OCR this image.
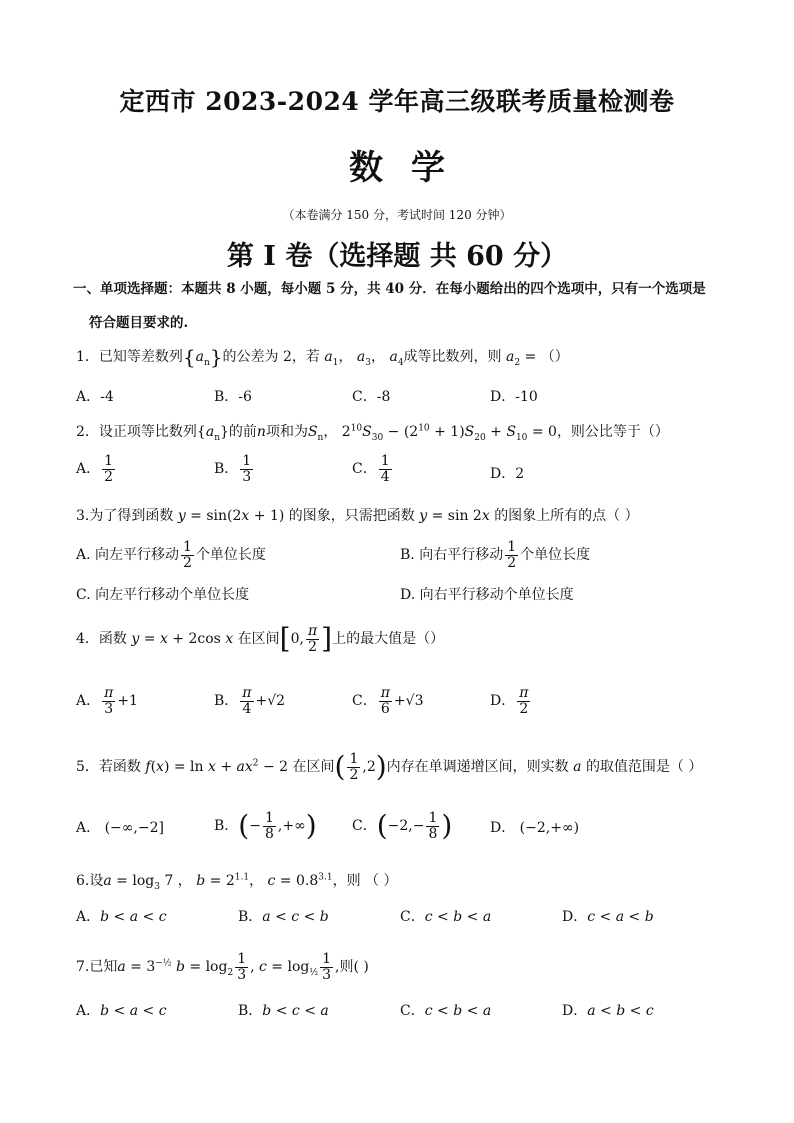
定西市 2023-2024 学年高三级联考质量检测卷
数学
（本卷满分 150 分，考试时间 120 分钟）
第 I 卷（选择题 共 60 分）
一、单项选择题：本题共 8 小题，每小题 5 分，共 40 分．在每小题给出的四个选项中，只有一个选项是
符合题目要求的.
1．已知等差数列$\{a_n\}$的公差为 2，若 $a_1$， $a_3$， $a_4$成等比数列，则 $a_2$ = （）
A．-4	B．-6	C．-8	D．-10
2．设正项等比数列$\{a_n\}$的前n项和为$S_n$， $2^{10}S_{30} - (2^{10} + 1)S_{20} + S_{10} = 0$，则公比等于（）
A． $\frac{1}{2}$	B． $\frac{1}{3}$	C． $\frac{1}{4}$	D．2
3.为了得到函数 y = sin(2x + 1) 的图象，只需把函数 y = sin 2x 的图象上所有的点（ ）
A. 向左平行移动 $\frac{1}{2}$ 个单位长度	B. 向右平行移动 $\frac{1}{2}$ 个单位长度
C. 向左平行移动个单位长度	D. 向右平行移动个单位长度
4．函数 y = x + 2cos x 在区间[0, $\frac{\pi}{2}$ ]上的最大值是（）
A． $\frac{\pi}{3} +1$	B． $\frac{\pi}{4} +√2$	C． $\frac{\pi}{6} +√3$	D． $\frac{\pi}{2}$
5．若函数 $f(x) = \ln x + ax^2 - 2$ 在区间( $\frac{1}{2} ,2$)内存在单调递增区间，则实数 a 的取值范围是（ ）
A． (−∞,−2]	B．(− $\frac{1}{8}$ ,+∞)	C．($-2,- \frac{1}{8}$ )	D． (−2,+∞)
6.设$a = \log_3 7$ ， $b = 2^{1.1}$， $c = 0.8^{3.1}$，则 （ ）
A．b < a < c	B．a < c < b	C．c < b < a	D．c < a < b
7.已知$a = 3^{-\frac{1}{2}}$ $b = \log_2 \frac{1}{3}$ , $c = \log_{\frac{1}{2}} \frac{1}{3}$ ,则( )
A．b < a < c	B．b < c < a	C．c < b < a	D．a < b < c
